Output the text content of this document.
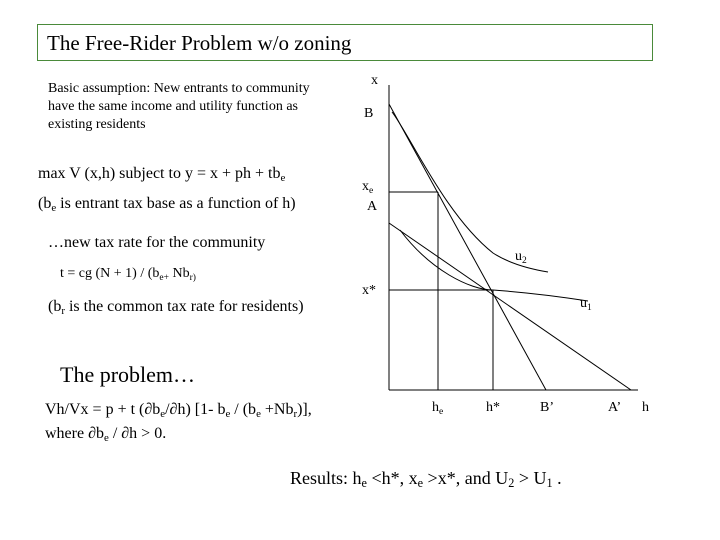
The Free-Rider Problem w/o zoning
Basic assumption: New entrants to community have the same income and utility function as existing residents
max V (x,h) subject to y = x + ph + $tb_e$
($b_e$ is entrant tax base as a function of h)
…new tax rate for the community
t = cg $(N + 1) / (b_{e+}$ $Nb_{r)}$
($b_r$ is the common tax rate for residents)
The problem…
Vh/Vx = p + t $(\partial b_e/\partial h)$ [1- $b_e / (b_e +Nb_r)$],
where $\partial b_e / \partial h > 0$.
Results: $h_e <h*$, $x_e >x*$, and $U_2 > U_1$ .
x
h
B
$x_e$
A
x*
$h_e$	h*	B’	A’
$u_2$
$u_1$
